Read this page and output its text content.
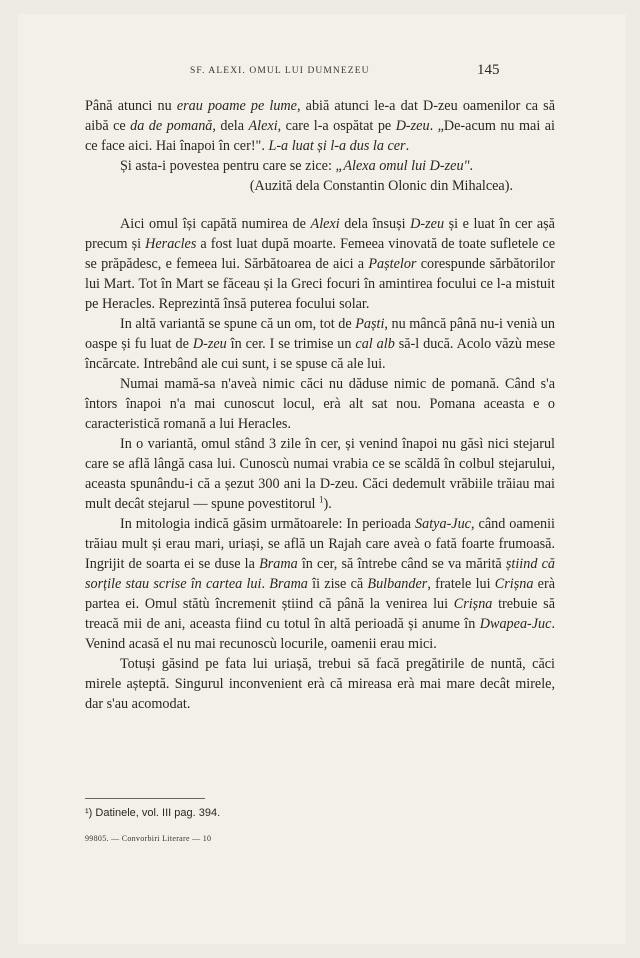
SF. ALEXI. OMUL LUI DUMNEZEU	145

Până atunci nu erau poame pe lume, abiă atunci le-a dat D-zeu oamenilor ca să aibă ce da de pomană, dela Alexi, care l-a ospătat pe D-zeu. „De-acum nu mai ai ce face aici. Hai înapoi în cer!". L-a luat și l-a dus la cer.

Și asta-i povestea pentru care se zice: „Alexa omul lui D-zeu".

(Auzită dela Constantin Olonic din Mihalcea).

Aici omul își capătă numirea de Alexi dela însuși D-zeu și e luat în cer așă precum și Heracles a fost luat după moarte. Femeea vinovată de toate sufletele ce se prăpădesc, e femeea lui. Sărbătoarea de aici a Paștelor corespunde sărbătorilor lui Mart. Tot în Mart se făceau și la Greci focuri în amintirea focului ce l-a mistuit pe Heracles. Reprezintă însă puterea focului solar.

In altă variantă se spune că un om, tot de Paști, nu mâncă până nu-i venià un oaspe și fu luat de D-zeu în cer. I se trimise un cal alb să-l ducă. Acolo văzù mese încărcate. Intrebând ale cui sunt, i se spuse că ale lui.

Numai mamă-sa n'aveà nimic căci nu dăduse nimic de pomană. Când s'a întors înapoi n'a mai cunoscut locul, erà alt sat nou. Pomana aceasta e o caracteristică romană a lui Heracles.

In o variantă, omul stând 3 zile în cer, și venind înapoi nu găsì nici stejarul care se află lângă casa lui. Cunoscù numai vrabia ce se scăldă în colbul stejarului, aceasta spunându-i că a șezut 300 ani la D-zeu. Căci dedemult vrăbiile trăiau mai mult decât stejarul — spune povestitorul $^1$).

In mitologia indică găsim următoarele: In perioada Satya-Juc, când oamenii trăiau mult și erau mari, uriași, se află un Rajah care aveà o fată foarte frumoasă. Ingrijit de soarta ei se duse la Brama în cer, să întrebe când se va mărită știind că sorțile stau scrise în cartea lui. Brama îi zise că Bulbander, fratele lui Crișna erà partea ei. Omul stătù încremenit știind că până la venirea lui Crișna trebuie să treacă mii de ani, aceasta fiind cu totul în altă perioadă și anume în Dwapea-Juc. Venind acasă el nu mai recunoscù locurile, oamenii erau mici.

Totuși găsind pe fata lui uriașă, trebui să facă pregătirile de nuntă, căci mirele așteptă. Singurul inconvenient erà că mireasa erà mai mare decât mirele, dar s'au acomodat.

¹) Datinele, vol. III pag. 394.
99805. — Convorbiri Literare — 10
